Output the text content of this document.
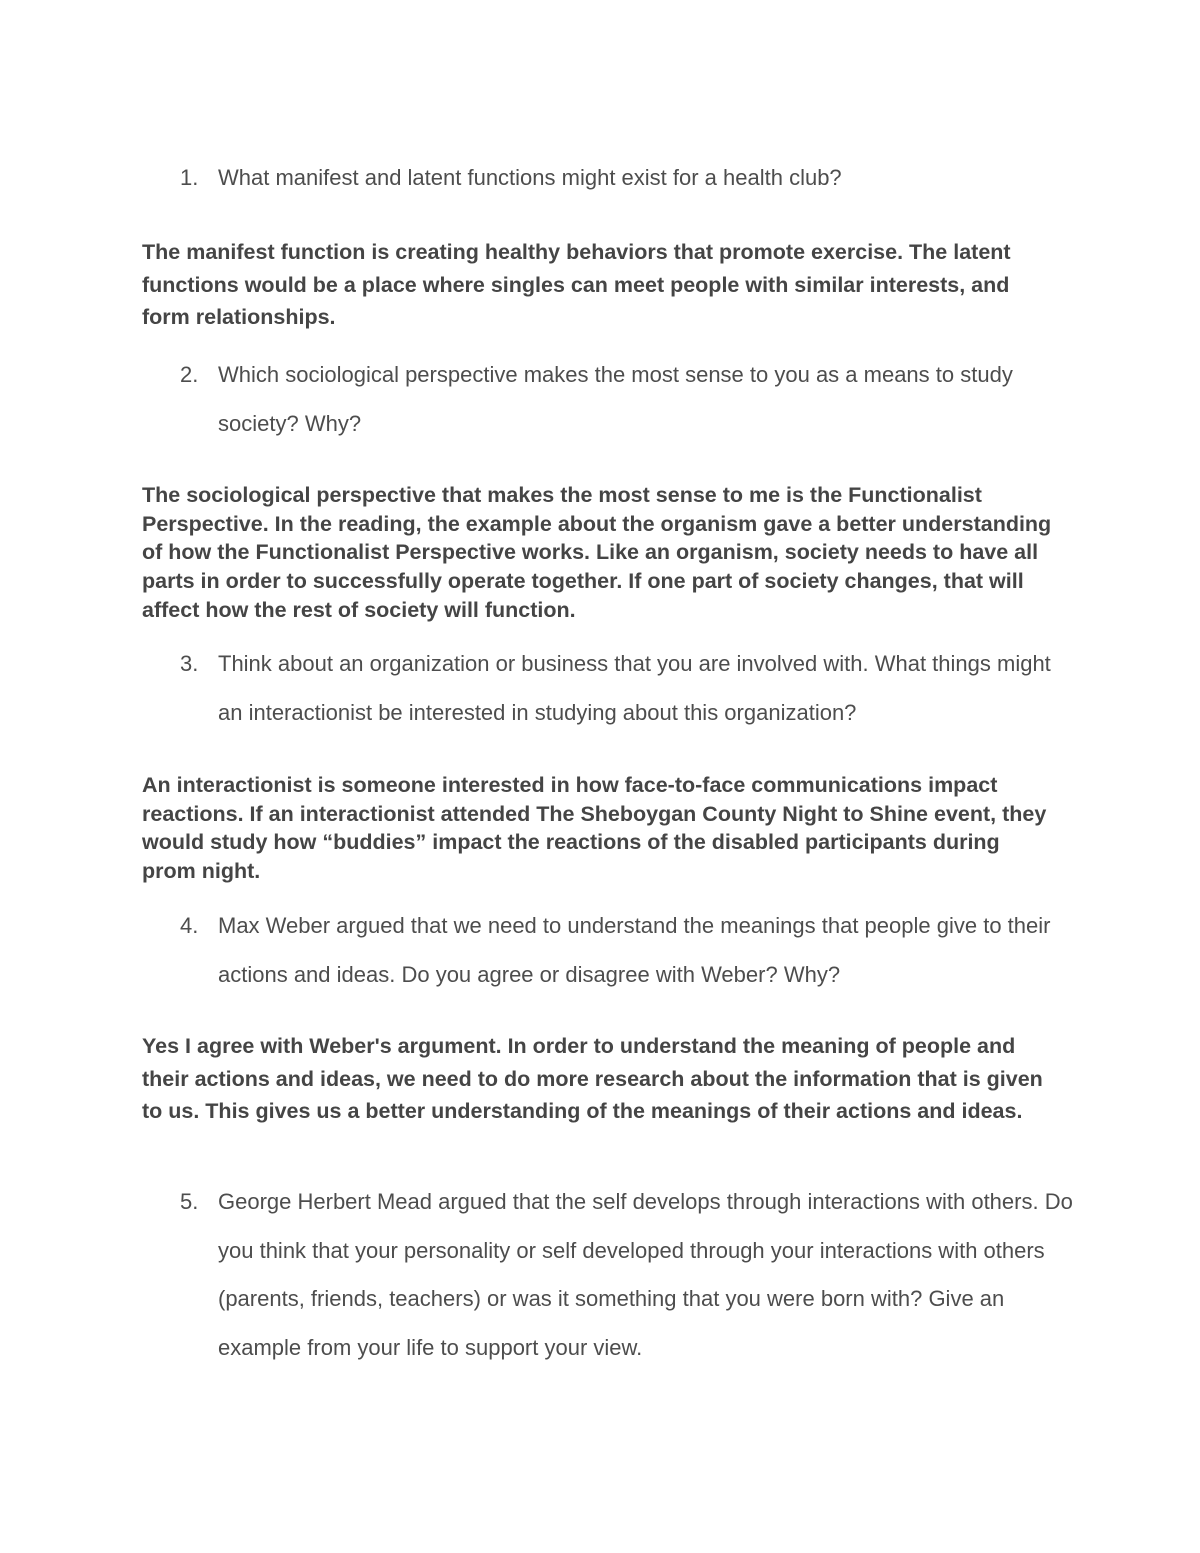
1. What manifest and latent functions might exist for a health club?

The manifest function is creating healthy behaviors that promote exercise. The latent functions would be a place where singles can meet people with similar interests, and form relationships.

2. Which sociological perspective makes the most sense to you as a means to study society? Why?

The sociological perspective that makes the most sense to me is the Functionalist Perspective. In the reading, the example about the organism gave a better understanding of how the Functionalist Perspective works. Like an organism, society needs to have all parts in order to successfully operate together. If one part of society changes, that will affect how the rest of society will function.

3. Think about an organization or business that you are involved with. What things might an interactionist be interested in studying about this organization?

An interactionist is someone interested in how face-to-face communications impact reactions. If an interactionist attended The Sheboygan County Night to Shine event, they would study how “buddies” impact the reactions of the disabled participants during prom night.

4. Max Weber argued that we need to understand the meanings that people give to their actions and ideas. Do you agree or disagree with Weber? Why?

Yes I agree with Weber's argument. In order to understand the meaning of people and their actions and ideas, we need to do more research about the information that is given to us. This gives us a better understanding of the meanings of their actions and ideas.

5. George Herbert Mead argued that the self develops through interactions with others. Do you think that your personality or self developed through your interactions with others (parents, friends, teachers) or was it something that you were born with? Give an example from your life to support your view.
